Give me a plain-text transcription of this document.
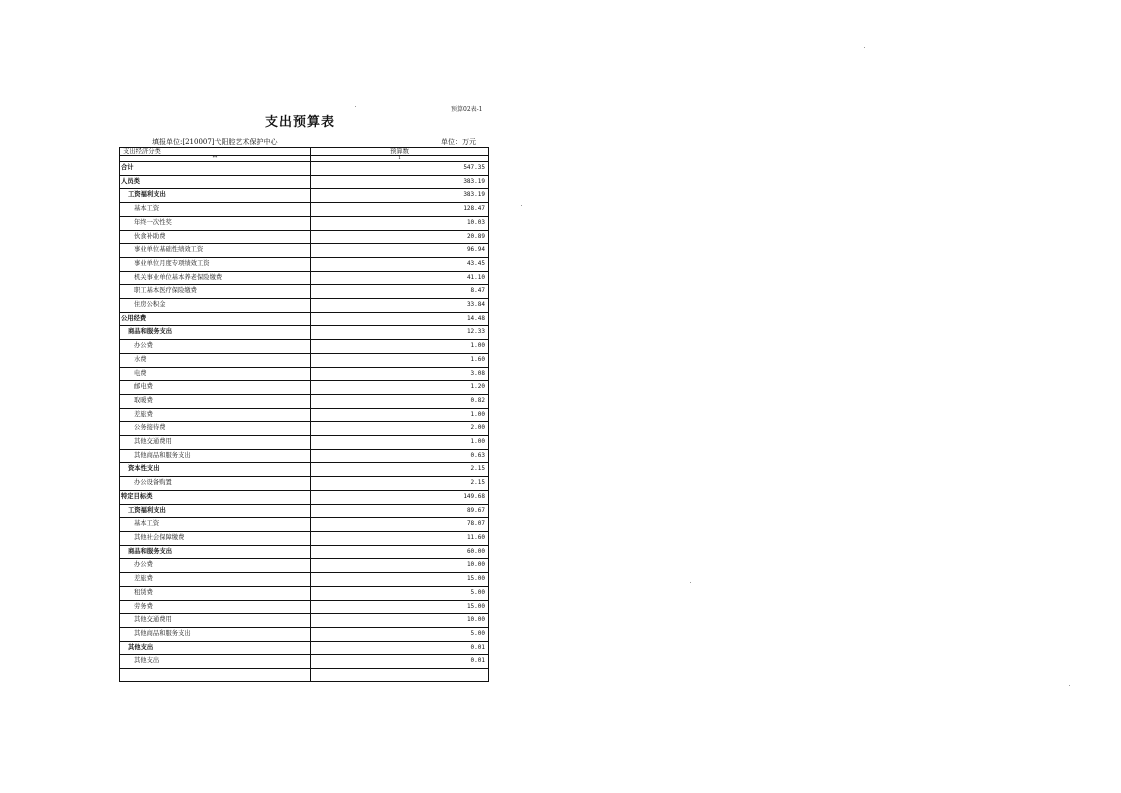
预算02表-1
支出预算表
填报单位:[210007]弋阳腔艺术保护中心	单位：万元
支出经济分类	预算数
**	1
合计	547.35
人员类	383.19
工资福利支出	383.19
基本工资	128.47
年终一次性奖	10.03
伙食补助费	20.89
事业单位基础性绩效工资	96.94
事业单位月度专项绩效工资	43.45
机关事业单位基本养老保险缴费	41.10
职工基本医疗保险缴费	8.47
住房公积金	33.84
公用经费	14.48
商品和服务支出	12.33
办公费	1.00
水费	1.60
电费	3.08
邮电费	1.20
取暖费	0.82
差旅费	1.00
公务接待费	2.00
其他交通费用	1.00
其他商品和服务支出	0.63
资本性支出	2.15
办公设备购置	2.15
特定目标类	149.68
工资福利支出	89.67
基本工资	78.07
其他社会保障缴费	11.60
商品和服务支出	60.00
办公费	10.00
差旅费	15.00
租赁费	5.00
劳务费	15.00
其他交通费用	10.00
其他商品和服务支出	5.00
其他支出	0.01
其他支出	0.01
